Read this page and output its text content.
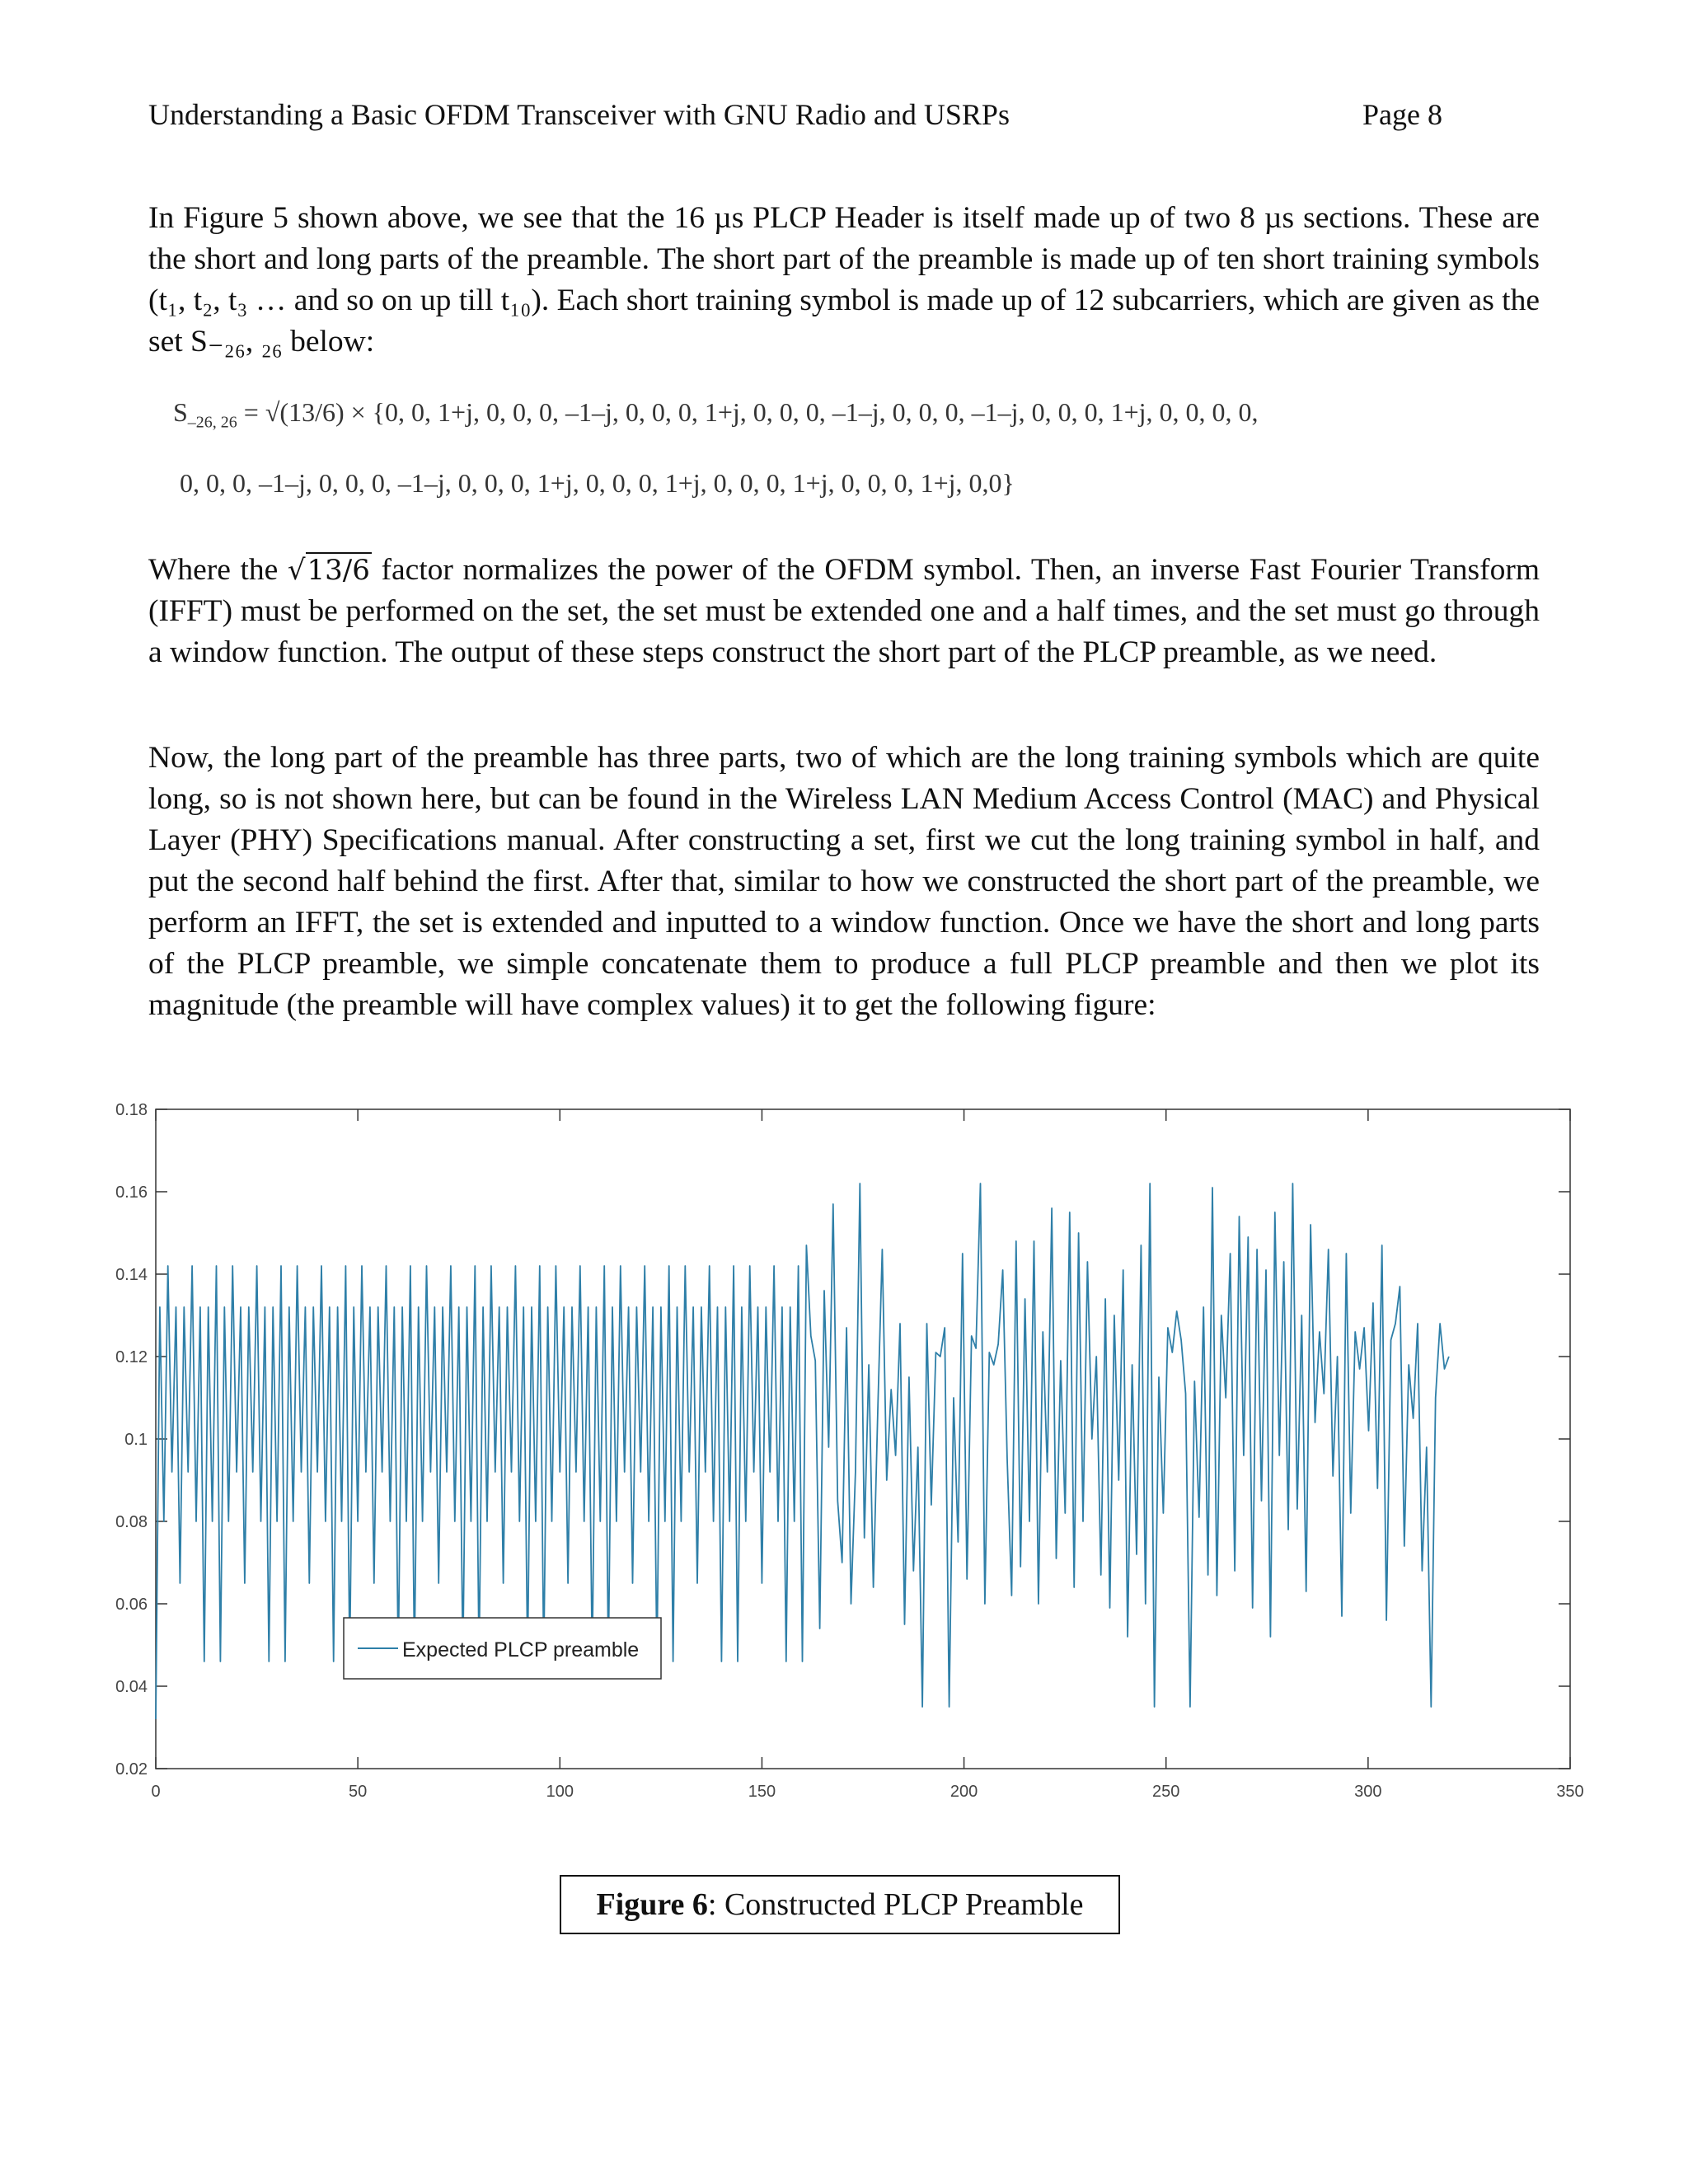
Understanding a Basic OFDM Transceiver with GNU Radio and USRPs	Page 8

In Figure 5 shown above, we see that the 16 µs PLCP Header is itself made up of two 8 µs sections. These are the short and long parts of the preamble. The short part of the preamble is made up of ten short training symbols (t₁, t₂, t₃ … and so on up till t₁₀). Each short training symbol is made up of 12 subcarriers, which are given as the set S₋₂₆, ₂₆ below:

$S_{-26, 26} = √(13/6) \times \{0$, 0, 1+j, 0, 0, 0, –1–j, 0, 0, 0, 1+j, 0, 0, 0, –1–j, 0, 0, 0, –1–j, 0, 0, 0, 1+j, 0, 0, 0, 0,
0, 0, 0, –1–j, 0, 0, 0, –1–j, 0, 0, 0, 1+j, 0, 0, 0, 1+j, 0, 0, 0, 1+j, 0, 0, 0, 1+j, 0,0}

Where the √13/6 factor normalizes the power of the OFDM symbol. Then, an inverse Fast Fourier Transform (IFFT) must be performed on the set, the set must be extended one and a half times, and the set must go through a window function. The output of these steps construct the short part of the PLCP preamble, as we need.

Now, the long part of the preamble has three parts, two of which are the long training symbols which are quite long, so is not shown here, but can be found in the Wireless LAN Medium Access Control (MAC) and Physical Layer (PHY) Specifications manual. After constructing a set, first we cut the long training symbol in half, and put the second half behind the first. After that, similar to how we constructed the short part of the preamble, we perform an IFFT, the set is extended and inputted to a window function. Once we have the short and long parts of the PLCP preamble, we simple concatenate them to produce a full PLCP preamble and then we plot its magnitude (the preamble will have complex values) it to get the following figure:

0	50	100	150	200	250	300	350
0.02
0.04
0.06
0.08
0.1
0.12
0.14
0.16
0.18
Expected PLCP preamble
Figure 6 : Constructed PLCP Preamble
